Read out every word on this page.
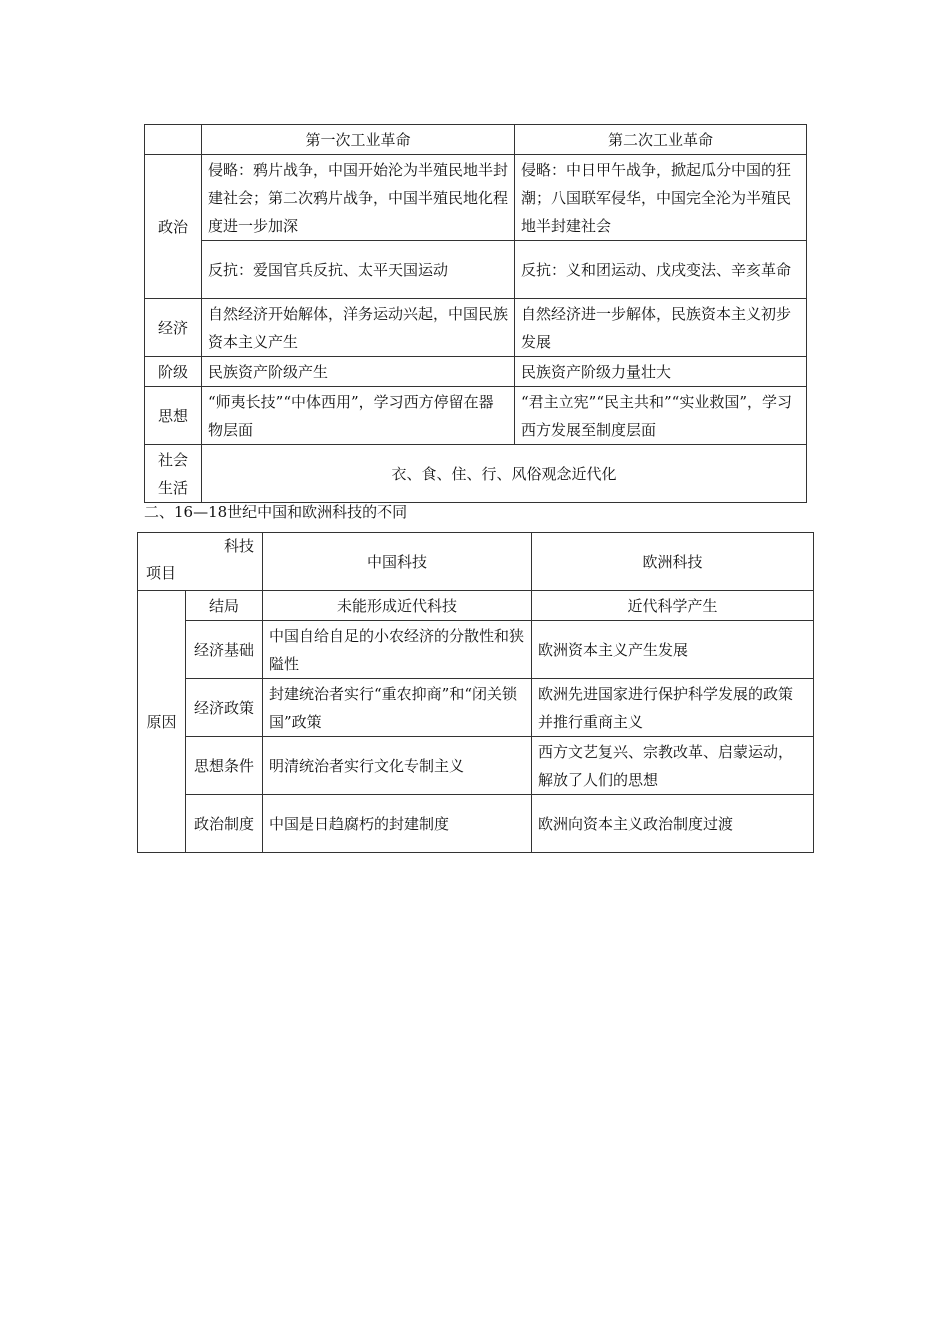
	第一次工业革命	第二次工业革命
政治	侵略：鸦片战争，中国开始沦为半殖民地半封建社会；第二次鸦片战争，中国半殖民地化程度进一步加深	侵略：中日甲午战争，掀起瓜分中国的狂潮；八国联军侵华，中国完全沦为半殖民地半封建社会
	反抗：爱国官兵反抗、太平天国运动	反抗：义和团运动、戊戌变法、辛亥革命
经济	自然经济开始解体，洋务运动兴起，中国民族资本主义产生	自然经济进一步解体，民族资本主义初步发展
阶级	民族资产阶级产生	民族资产阶级力量壮大
思想	“师夷长技”“中体西用”，学习西方停留在器物层面	“君主立宪”“民主共和”“实业救国”，学习西方发展至制度层面
社会生活	衣、食、住、行、风俗观念近代化	
二、16—18世纪中国和欧洲科技的不同
科技
项目		中国科技	欧洲科技
原因	结局	未能形成近代科技	近代科学产生
	经济基础	中国自给自足的小农经济的分散性和狭隘性	欧洲资本主义产生发展
	经济政策	封建统治者实行“重农抑商”和“闭关锁国”政策	欧洲先进国家进行保护科学发展的政策并推行重商主义
	思想条件	明清统治者实行文化专制主义	西方文艺复兴、宗教改革、启蒙运动，解放了人们的思想
	政治制度	中国是日趋腐朽的封建制度	欧洲向资本主义政治制度过渡
